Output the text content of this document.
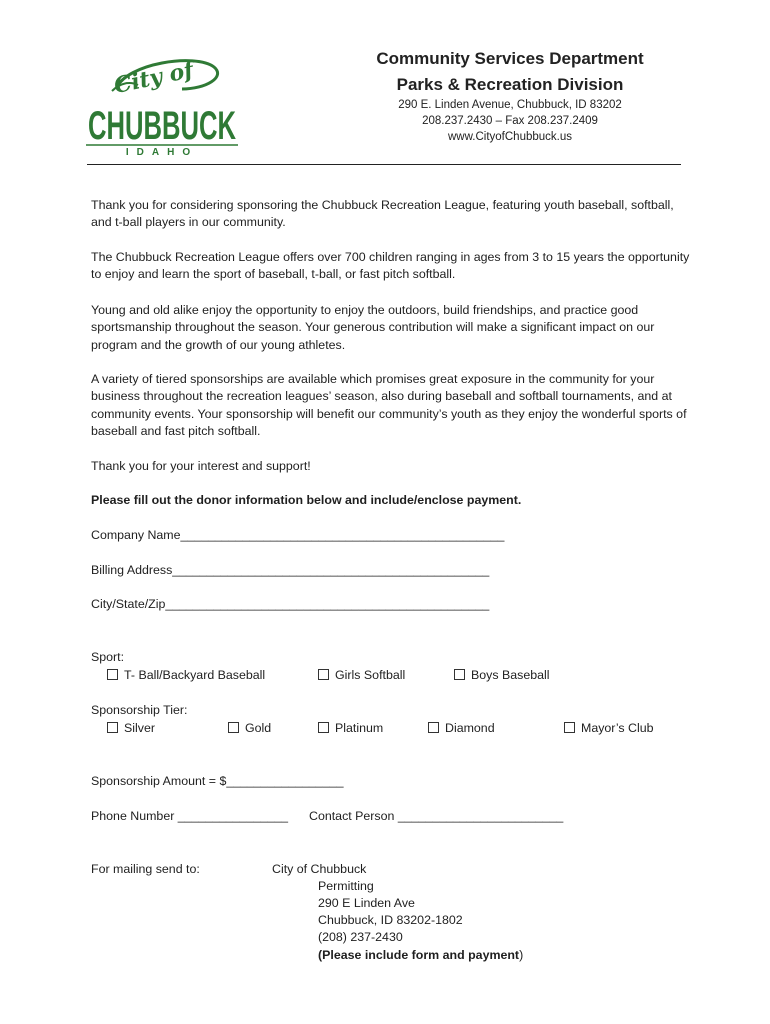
City of
CHUBBUCK
IDAHO
Community Services Department
Parks & Recreation Division
290 E. Linden Avenue, Chubbuck, ID 83202
208.237.2430 – Fax 208.237.2409
www.CityofChubbuck.us
Thank you for considering sponsoring the Chubbuck Recreation League, featuring youth baseball, softball, and t-ball players in our community.
The Chubbuck Recreation League offers over 700 children ranging in ages from 3 to 15 years the opportunity to enjoy and learn the sport of baseball, t-ball, or fast pitch softball.
Young and old alike enjoy the opportunity to enjoy the outdoors, build friendships, and practice good sportsmanship throughout the season. Your generous contribution will make a significant impact on our program and the growth of our young athletes.
A variety of tiered sponsorships are available which promises great exposure in the community for your business throughout the recreation leagues’ season, also during baseball and softball tournaments, and at community events. Your sponsorship will benefit our community’s youth as they enjoy the wonderful sports of baseball and fast pitch softball.
Thank you for your interest and support!
Please fill out the donor information below and include/enclose payment.
Company Name_______________________________________________
Billing Address______________________________________________
City/State/Zip_______________________________________________
Sport:
T- Ball/Backyard Baseball	Girls Softball	Boys Baseball
Sponsorship Tier:
Silver	Gold	Platinum	Diamond	Mayor’s Club
Sponsorship Amount = $_________________
Phone Number ________________ Contact Person ________________________
For mailing send to:	City of Chubbuck
Permitting
290 E Linden Ave
Chubbuck, ID 83202-1802
(208) 237-2430
(Please include form and payment)
